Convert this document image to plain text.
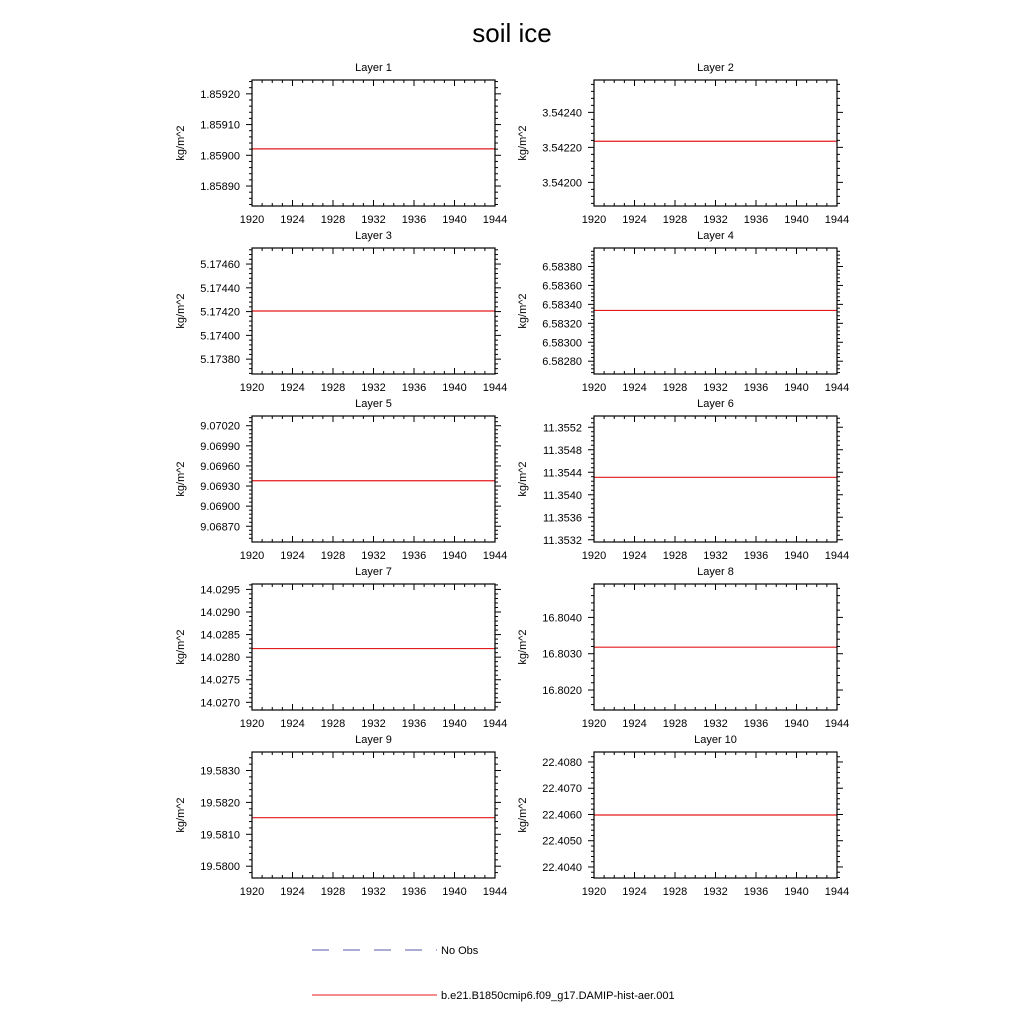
soil ice
Layer 1
kg/m^2
1920 1924 1928 1932 1936 1940 1944
1.85890
1.85900
1.85910
1.85920
Layer 2
kg/m^2
1920 1924 1928 1932 1936 1940 1944
3.54200
3.54220
3.54240
Layer 3
kg/m^2
1920 1924 1928 1932 1936 1940 1944
5.17380
5.17400
5.17420
5.17440
5.17460
Layer 4
kg/m^2
1920 1924 1928 1932 1936 1940 1944
6.58280
6.58300
6.58320
6.58340
6.58360
6.58380
Layer 5
kg/m^2
1920 1924 1928 1932 1936 1940 1944
9.06870
9.06900
9.06930
9.06960
9.06990
9.07020
Layer 6
kg/m^2
1920 1924 1928 1932 1936 1940 1944
11.3532
11.3536
11.3540
11.3544
11.3548
11.3552
Layer 7
kg/m^2
1920 1924 1928 1932 1936 1940 1944
14.0270
14.0275
14.0280
14.0285
14.0290
14.0295
Layer 8
kg/m^2
1920 1924 1928 1932 1936 1940 1944
16.8020
16.8030
16.8040
Layer 9
kg/m^2
1920 1924 1928 1932 1936 1940 1944
19.5800
19.5810
19.5820
19.5830
Layer 10
kg/m^2
1920 1924 1928 1932 1936 1940 1944
22.4040
22.4050
22.4060
22.4070
22.4080
No Obs
b.e21.B1850cmip6.f09_g17.DAMIP-hist-aer.001
